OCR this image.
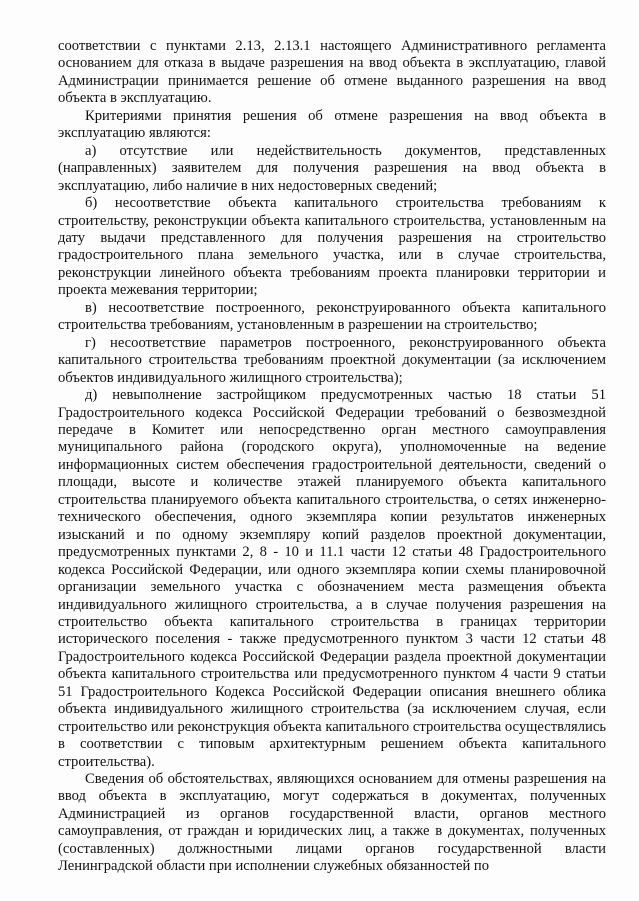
соответствии с пунктами 2.13, 2.13.1 настоящего Административного регламента основанием для отказа в выдаче разрешения на ввод объекта в эксплуатацию, главой Администрации принимается решение об отмене выданного разрешения на ввод объекта в эксплуатацию.

Критериями принятия решения об отмене разрешения на ввод объекта в эксплуатацию являются:

а) отсутствие или недействительность документов, представленных (направленных) заявителем для получения разрешения на ввод объекта в эксплуатацию, либо наличие в них недостоверных сведений;

б) несоответствие объекта капитального строительства требованиям к строительству, реконструкции объекта капитального строительства, установленным на дату выдачи представленного для получения разрешения на строительство градостроительного плана земельного участка, или в случае строительства, реконструкции линейного объекта требованиям проекта планировки территории и проекта межевания территории;

в) несоответствие построенного, реконструированного объекта капитального строительства требованиям, установленным в разрешении на строительство;

г) несоответствие параметров построенного, реконструированного объекта капитального строительства требованиям проектной документации (за исключением объектов индивидуального жилищного строительства);

д) невыполнение застройщиком предусмотренных частью 18 статьи 51 Градостроительного кодекса Российской Федерации требований о безвозмездной передаче в Комитет или непосредственно орган местного самоуправления муниципального района (городского округа), уполномоченные на ведение информационных систем обеспечения градостроительной деятельности, сведений о площади, высоте и количестве этажей планируемого объекта капитального строительства планируемого объекта капитального строительства, о сетях инженерно-технического обеспечения, одного экземпляра копии результатов инженерных изысканий и по одному экземпляру копий разделов проектной документации, предусмотренных пунктами 2, 8 - 10 и 11.1 части 12 статьи 48 Градостроительного кодекса Российской Федерации, или одного экземпляра копии схемы планировочной организации земельного участка с обозначением места размещения объекта индивидуального жилищного строительства, а в случае получения разрешения на строительство объекта капитального строительства в границах территории исторического поселения - также предусмотренного пунктом 3 части 12 статьи 48 Градостроительного кодекса Российской Федерации раздела проектной документации объекта капитального строительства или предусмотренного пунктом 4 части 9 статьи 51 Градостроительного Кодекса Российской Федерации описания внешнего облика объекта индивидуального жилищного строительства (за исключением случая, если строительство или реконструкция объекта капитального строительства осуществлялись в соответствии с типовым архитектурным решением объекта капитального строительства).

Сведения об обстоятельствах, являющихся основанием для отмены разрешения на ввод объекта в эксплуатацию, могут содержаться в документах, полученных Администрацией из органов государственной власти, органов местного самоуправления, от граждан и юридических лиц, а также в документах, полученных (составленных) должностными лицами органов государственной власти Ленинградской области при исполнении служебных обязанностей по
